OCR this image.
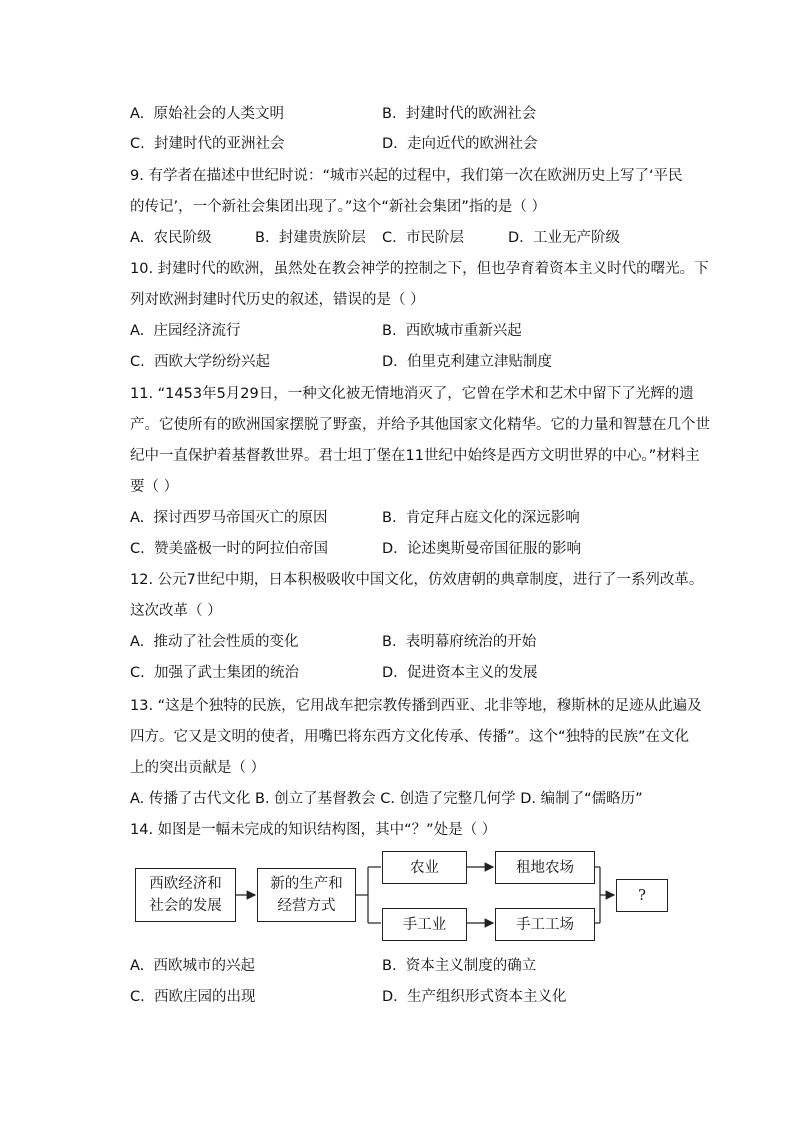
A. 原始社会的人类文明	B. 封建时代的欧洲社会
C. 封建时代的亚洲社会	D. 走向近代的欧洲社会
9. 有学者在描述中世纪时说：“城市兴起的过程中，我们第一次在欧洲历史上写了‘平民
的传记’，一个新社会集团出现了。”这个“新社会集团”指的是（ ）
A. 农民阶级	B. 封建贵族阶层 C. 市民阶层	D. 工业无产阶级
10. 封建时代的欧洲，虽然处在教会神学的控制之下，但也孕育着资本主义时代的曙光。下
列对欧洲封建时代历史的叙述，错误的是（ ）
A. 庄园经济流行	B. 西欧城市重新兴起
C. 西欧大学纷纷兴起	D. 伯里克利建立津贴制度
11. “1453年5月29日，一种文化被无情地消灭了，它曾在学术和艺术中留下了光辉的遗
产。它使所有的欧洲国家摆脱了野蛮，并给予其他国家文化精华。它的力量和智慧在几个世
纪中一直保护着基督教世界。君士坦丁堡在11世纪中始终是西方文明世界的中心。”材料主
要（ ）
A. 探讨西罗马帝国灭亡的原因	B. 肯定拜占庭文化的深远影响
C. 赞美盛极一时的阿拉伯帝国	D. 论述奥斯曼帝国征服的影响
12. 公元7世纪中期，日本积极吸收中国文化，仿效唐朝的典章制度，进行了一系列改革。
这次改革（ ）
A. 推动了社会性质的变化	B. 表明幕府统治的开始
C. 加强了武士集团的统治	D. 促进资本主义的发展
13. “这是个独特的民族，它用战车把宗教传播到西亚、北非等地，穆斯林的足迹从此遍及
四方。它又是文明的使者，用嘴巴将东西方文化传承、传播”。这个“独特的民族”在文化
上的突出贡献是（ ）
A. 传播了古代文化 B. 创立了基督教会 C. 创造了完整几何学 D. 编制了“儒略历”
14. 如图是一幅未完成的知识结构图，其中“？”处是（ ）
西欧经济和
社会的发展
新的生产和
经营方式
农业	租地农场
手工业	手工工场
?
A. 西欧城市的兴起	B. 资本主义制度的确立
C. 西欧庄园的出现	D. 生产组织形式资本主义化
